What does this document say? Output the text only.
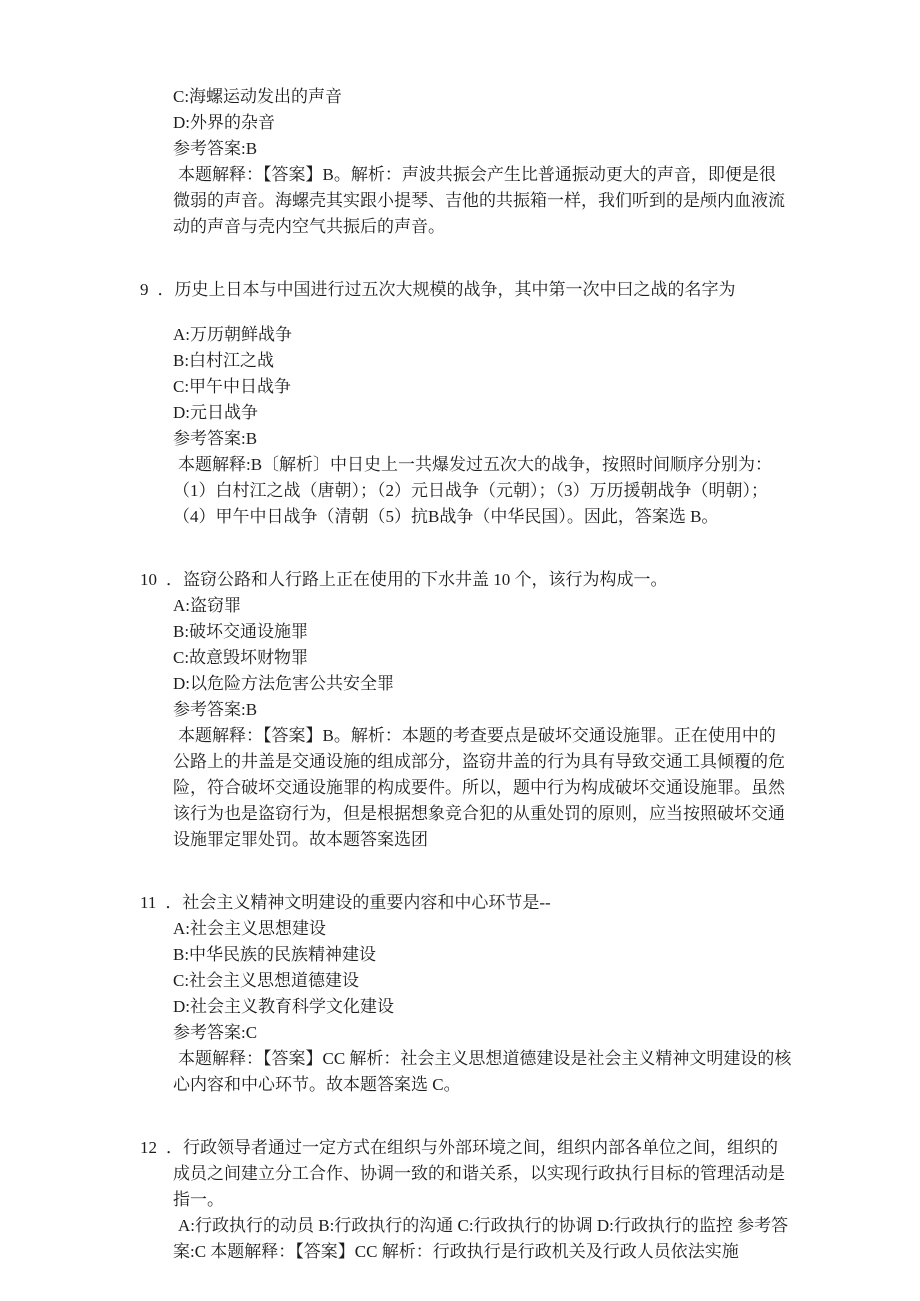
C:海螺运动发出的声音

D:外界的杂音

参考答案:B

本题解释：【答案】B。解析：声波共振会产生比普通振动更大的声音，即便是很微弱的声音。海螺壳其实跟小提琴、吉他的共振箱一样，我们听到的是颅内血液流动的声音与壳内空气共振后的声音。

9 ．历史上日本与中国进行过五次大规模的战争，其中第一次中曰之战的名字为

A:万历朝鲜战争

B:白村江之战

C:甲午中日战争

D:元日战争

参考答案:B

本题解释:B〔解析〕中日史上一共爆发过五次大的战争，按照时间顺序分别为：（1）白村江之战（唐朝）；（2）元日战争（元朝）；（3）万历援朝战争（明朝）；（4）甲午中日战争（清朝（5）抗B战争（中华民国）。因此，答案选 B。

10 ．盗窃公路和人行路上正在使用的下水井盖 10 个，该行为构成一。

A:盗窃罪

B:破坏交通设施罪

C:故意毁坏财物罪

D:以危险方法危害公共安全罪

参考答案:B

本题解释：【答案】B。解析：本题的考查要点是破坏交通设施罪。正在使用中的公路上的井盖是交通设施的组成部分，盗窃井盖的行为具有导致交通工具倾覆的危险，符合破坏交通设施罪的构成要件。所以，题中行为构成破坏交通设施罪。虽然该行为也是盗窃行为，但是根据想象竞合犯的从重处罚的原则，应当按照破坏交通设施罪定罪处罚。故本题答案选团

11 ．社会主义精神文明建设的重要内容和中心环节是--

A:社会主义思想建设

B:中华民族的民族精神建设

C:社会主义思想道德建设

D:社会主义教育科学文化建设

参考答案:C

本题解释：【答案】CC 解析：社会主义思想道德建设是社会主义精神文明建设的核心内容和中心环节。故本题答案选 C。

12 ．行政领导者通过一定方式在组织与外部环境之间，组织内部各单位之间，组织的成员之间建立分工合作、协调一致的和谐关系，以实现行政执行目标的管理活动是指一。

A:行政执行的动员 B:行政执行的沟通 C:行政执行的协调 D:行政执行的监控 参考答案:C 本题解释：【答案】CC 解析：行政执行是行政机关及行政人员依法实施
